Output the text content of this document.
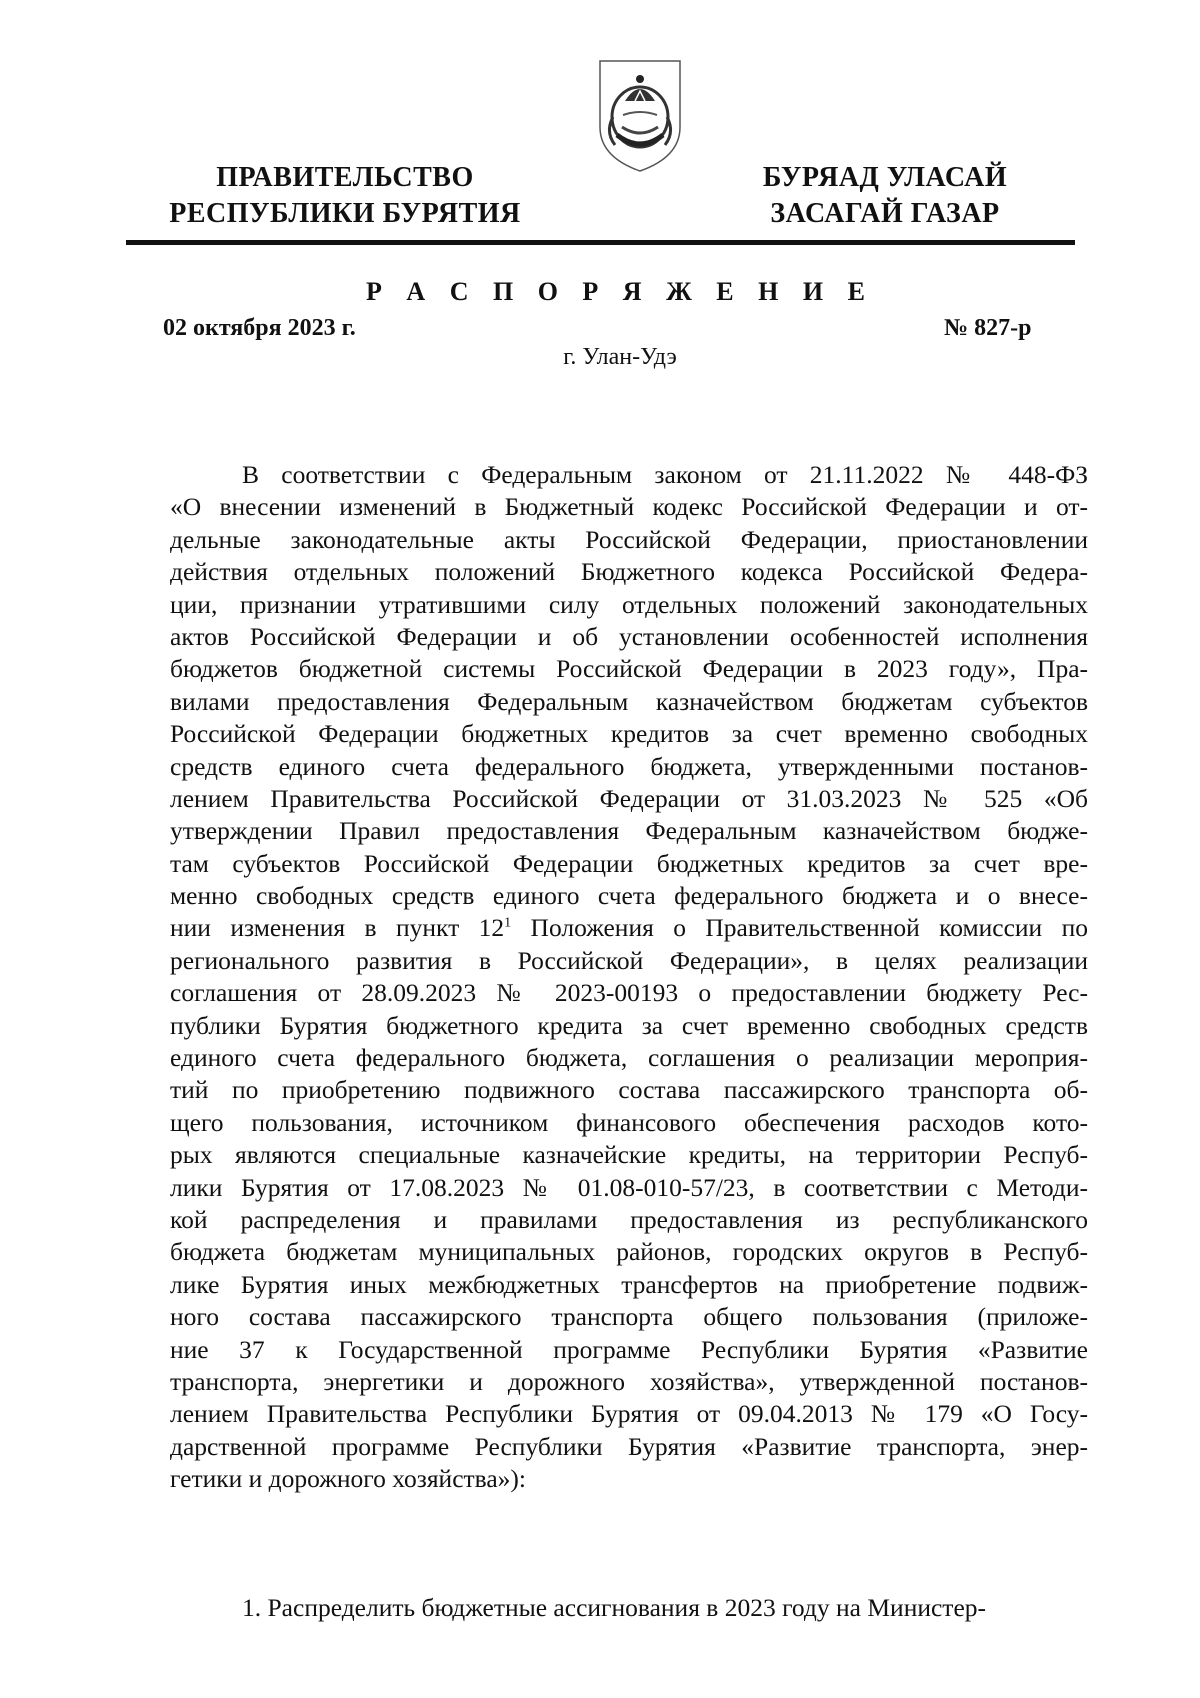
ПРАВИТЕЛЬСТВО
РЕСПУБЛИКИ БУРЯТИЯ
БУРЯАД УЛАСАЙ
ЗАСАГАЙ ГАЗАР
Р А С П О Р Я Ж Е Н И Е
02 октября 2023 г.	№ 827-р
г. Улан-Удэ
В соответствии с Федеральным законом от 21.11.2022 № 448-ФЗ
«О внесении изменений в Бюджетный кодекс Российской Федерации и от-
дельные законодательные акты Российской Федерации, приостановлении
действия отдельных положений Бюджетного кодекса Российской Федера-
ции, признании утратившими силу отдельных положений законодательных
актов Российской Федерации и об установлении особенностей исполнения
бюджетов бюджетной системы Российской Федерации в 2023 году», Пра-
вилами предоставления Федеральным казначейством бюджетам субъектов
Российской Федерации бюджетных кредитов за счет временно свободных
средств единого счета федерального бюджета, утвержденными постанов-
лением Правительства Российской Федерации от 31.03.2023 № 525 «Об
утверждении Правил предоставления Федеральным казначейством бюдже-
там субъектов Российской Федерации бюджетных кредитов за счет вре-
менно свободных средств единого счета федерального бюджета и о внесе-
нии изменения в пункт $12^1$ Положения о Правительственной комиссии по
регионального развития в Российской Федерации», в целях реализации
соглашения от 28.09.2023 № 2023-00193 о предоставлении бюджету Рес-
публики Бурятия бюджетного кредита за счет временно свободных средств
единого счета федерального бюджета, соглашения о реализации мероприя-
тий по приобретению подвижного состава пассажирского транспорта об-
щего пользования, источником финансового обеспечения расходов кото-
рых являются специальные казначейские кредиты, на территории Респуб-
лики Бурятия от 17.08.2023 № 01.08-010-57/23, в соответствии с Методи-
кой распределения и правилами предоставления из республиканского
бюджета бюджетам муниципальных районов, городских округов в Респуб-
лике Бурятия иных межбюджетных трансфертов на приобретение подвиж-
ного состава пассажирского транспорта общего пользования (приложе-
ние 37 к Государственной программе Республики Бурятия «Развитие
транспорта, энергетики и дорожного хозяйства», утвержденной постанов-
лением Правительства Республики Бурятия от 09.04.2013 № 179 «О Госу-
дарственной программе Республики Бурятия «Развитие транспорта, энер-
гетики и дорожного хозяйства»):
1. Распределить бюджетные ассигнования в 2023 году на Министер-
